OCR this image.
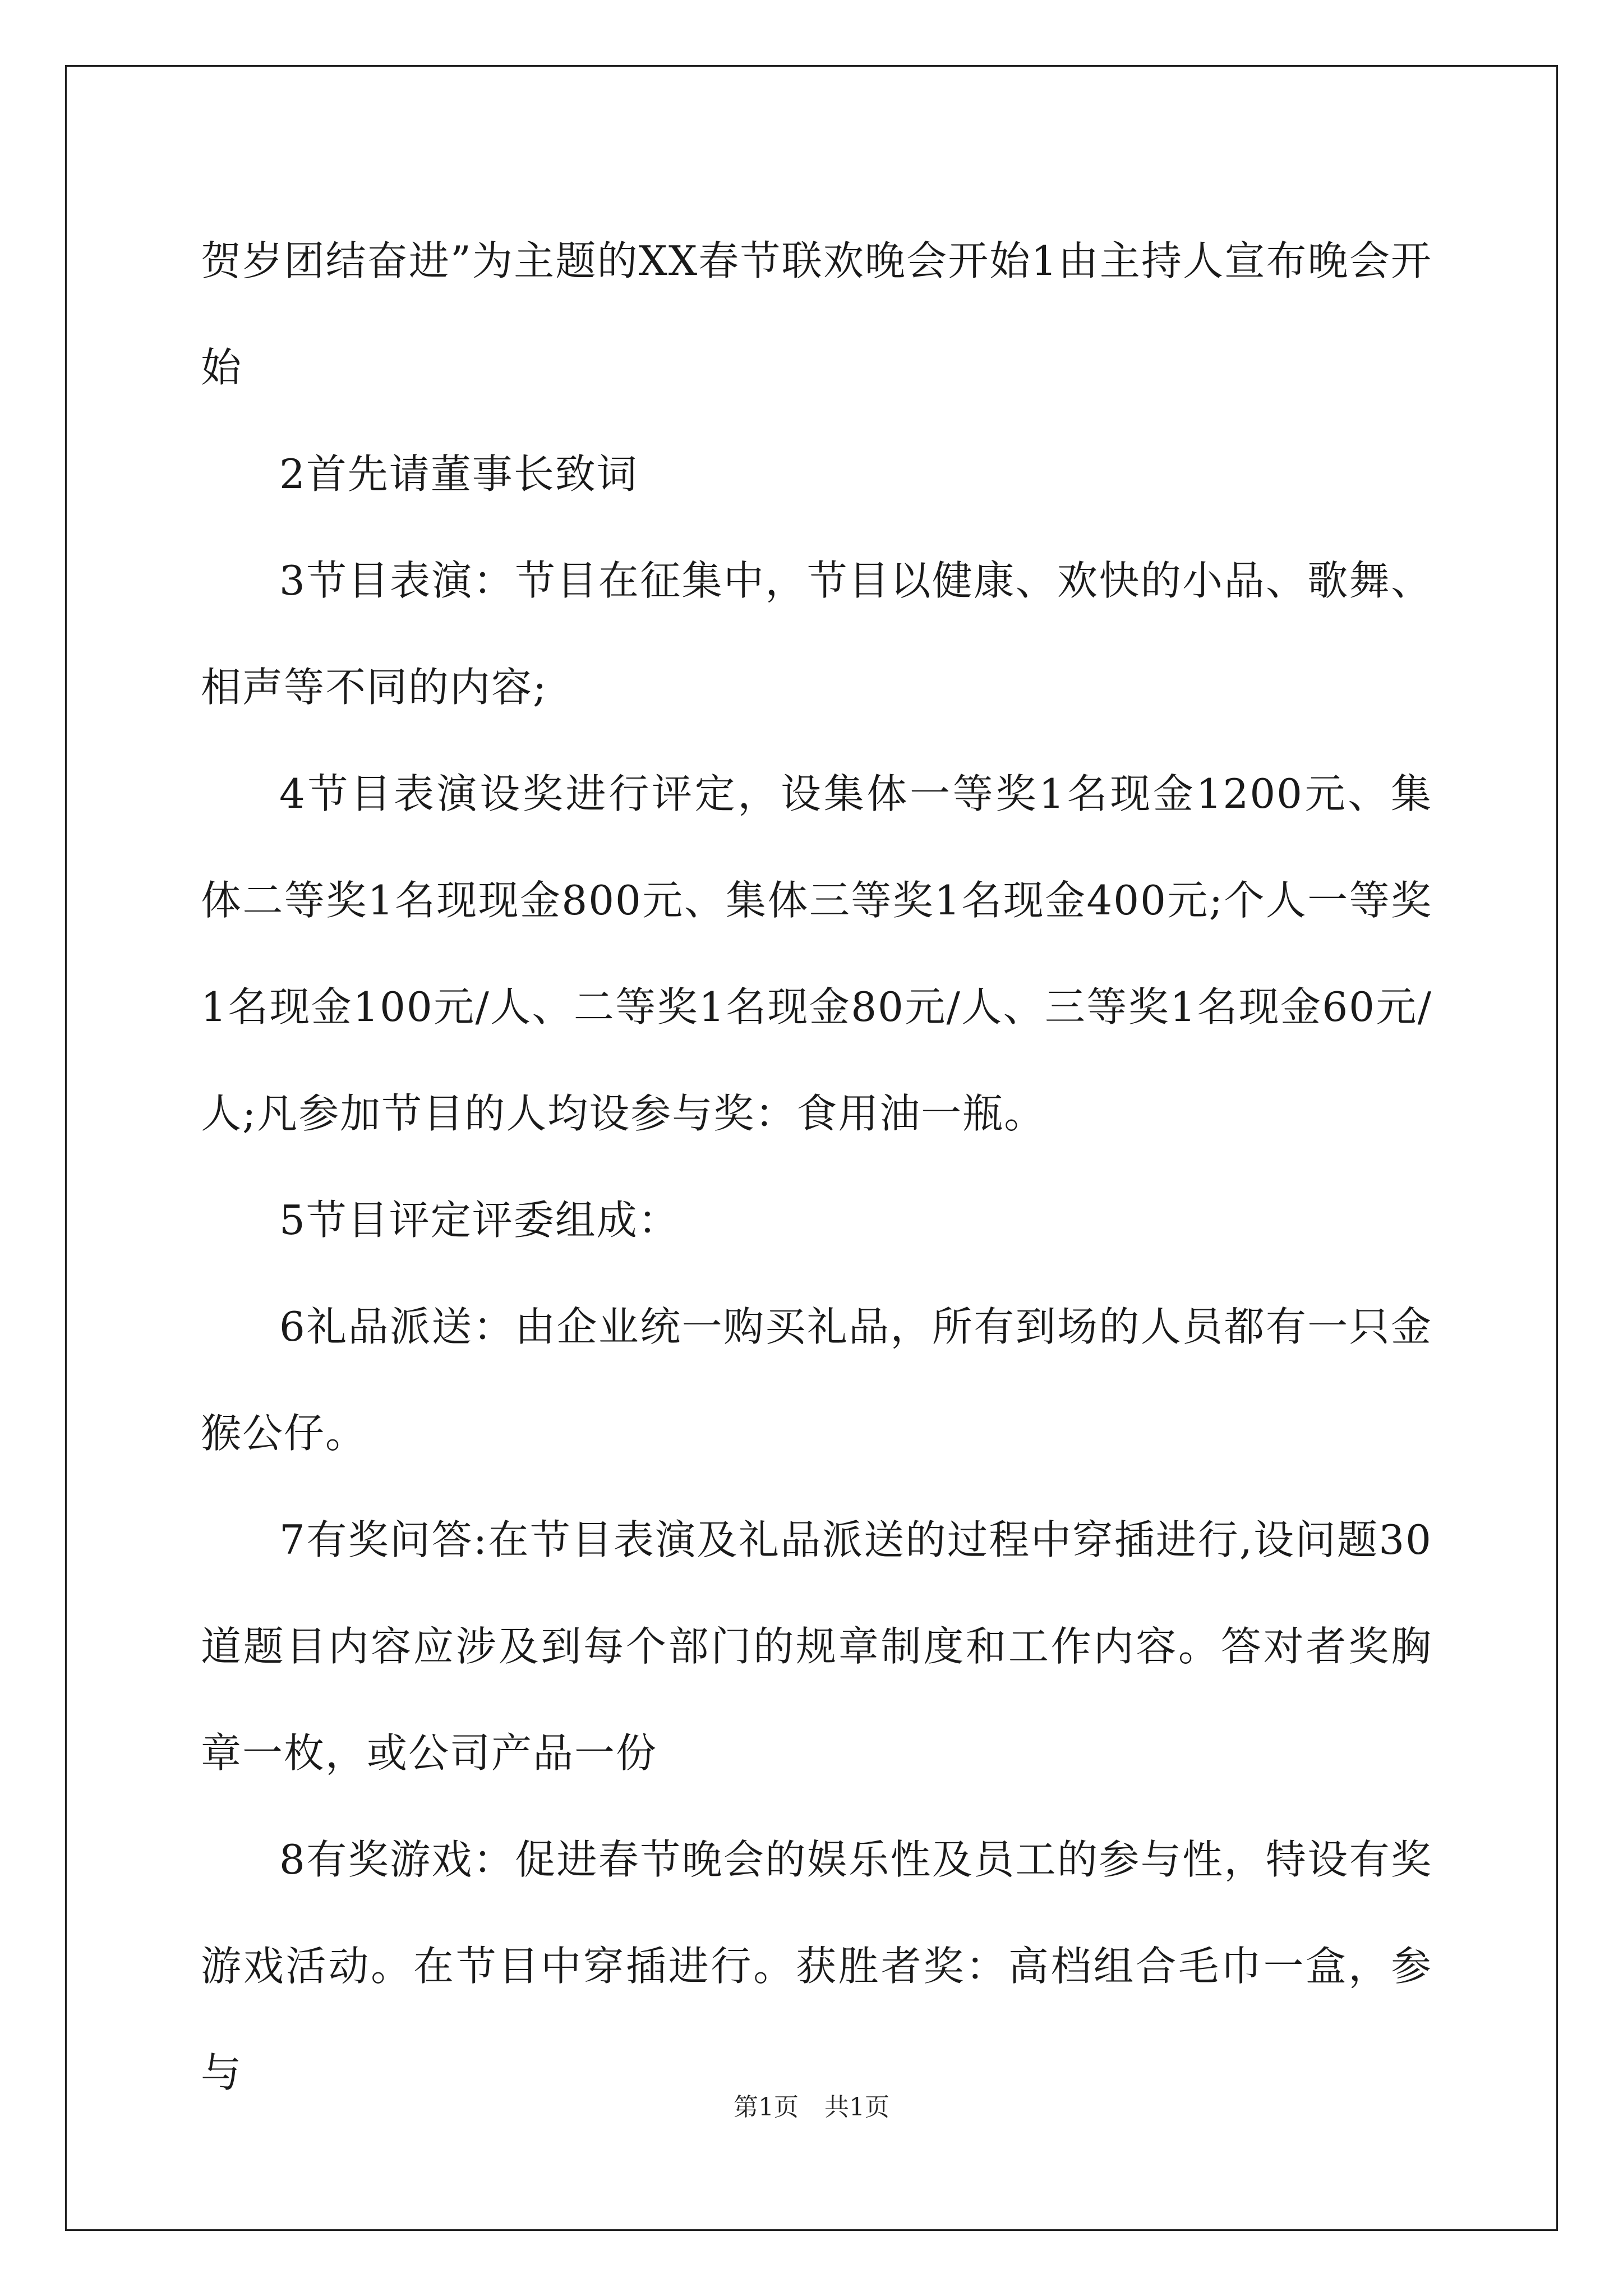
贺岁团结奋进”为主题的XX春节联欢晚会开始1由主持人宣布晚会开始

2首先请董事长致词

3节目表演：节目在征集中，节目以健康、欢快的小品、歌舞、相声等不同的内容;

4节目表演设奖进行评定，设集体一等奖1名现金1200元、集体二等奖1名现现金800元、集体三等奖1名现金400元;个人一等奖1名现金100元/人、二等奖1名现金80元/人、三等奖1名现金60元/人;凡参加节目的人均设参与奖：食用油一瓶。

5节目评定评委组成：

6礼品派送：由企业统一购买礼品，所有到场的人员都有一只金猴公仔。

7有奖问答:在节目表演及礼品派送的过程中穿插进行,设问题30道题目内容应涉及到每个部门的规章制度和工作内容。答对者奖胸章一枚，或公司产品一份

8有奖游戏：促进春节晚会的娱乐性及员工的参与性，特设有奖游戏活动。在节目中穿插进行。获胜者奖：高档组合毛巾一盒，参与

第1页 共1页
